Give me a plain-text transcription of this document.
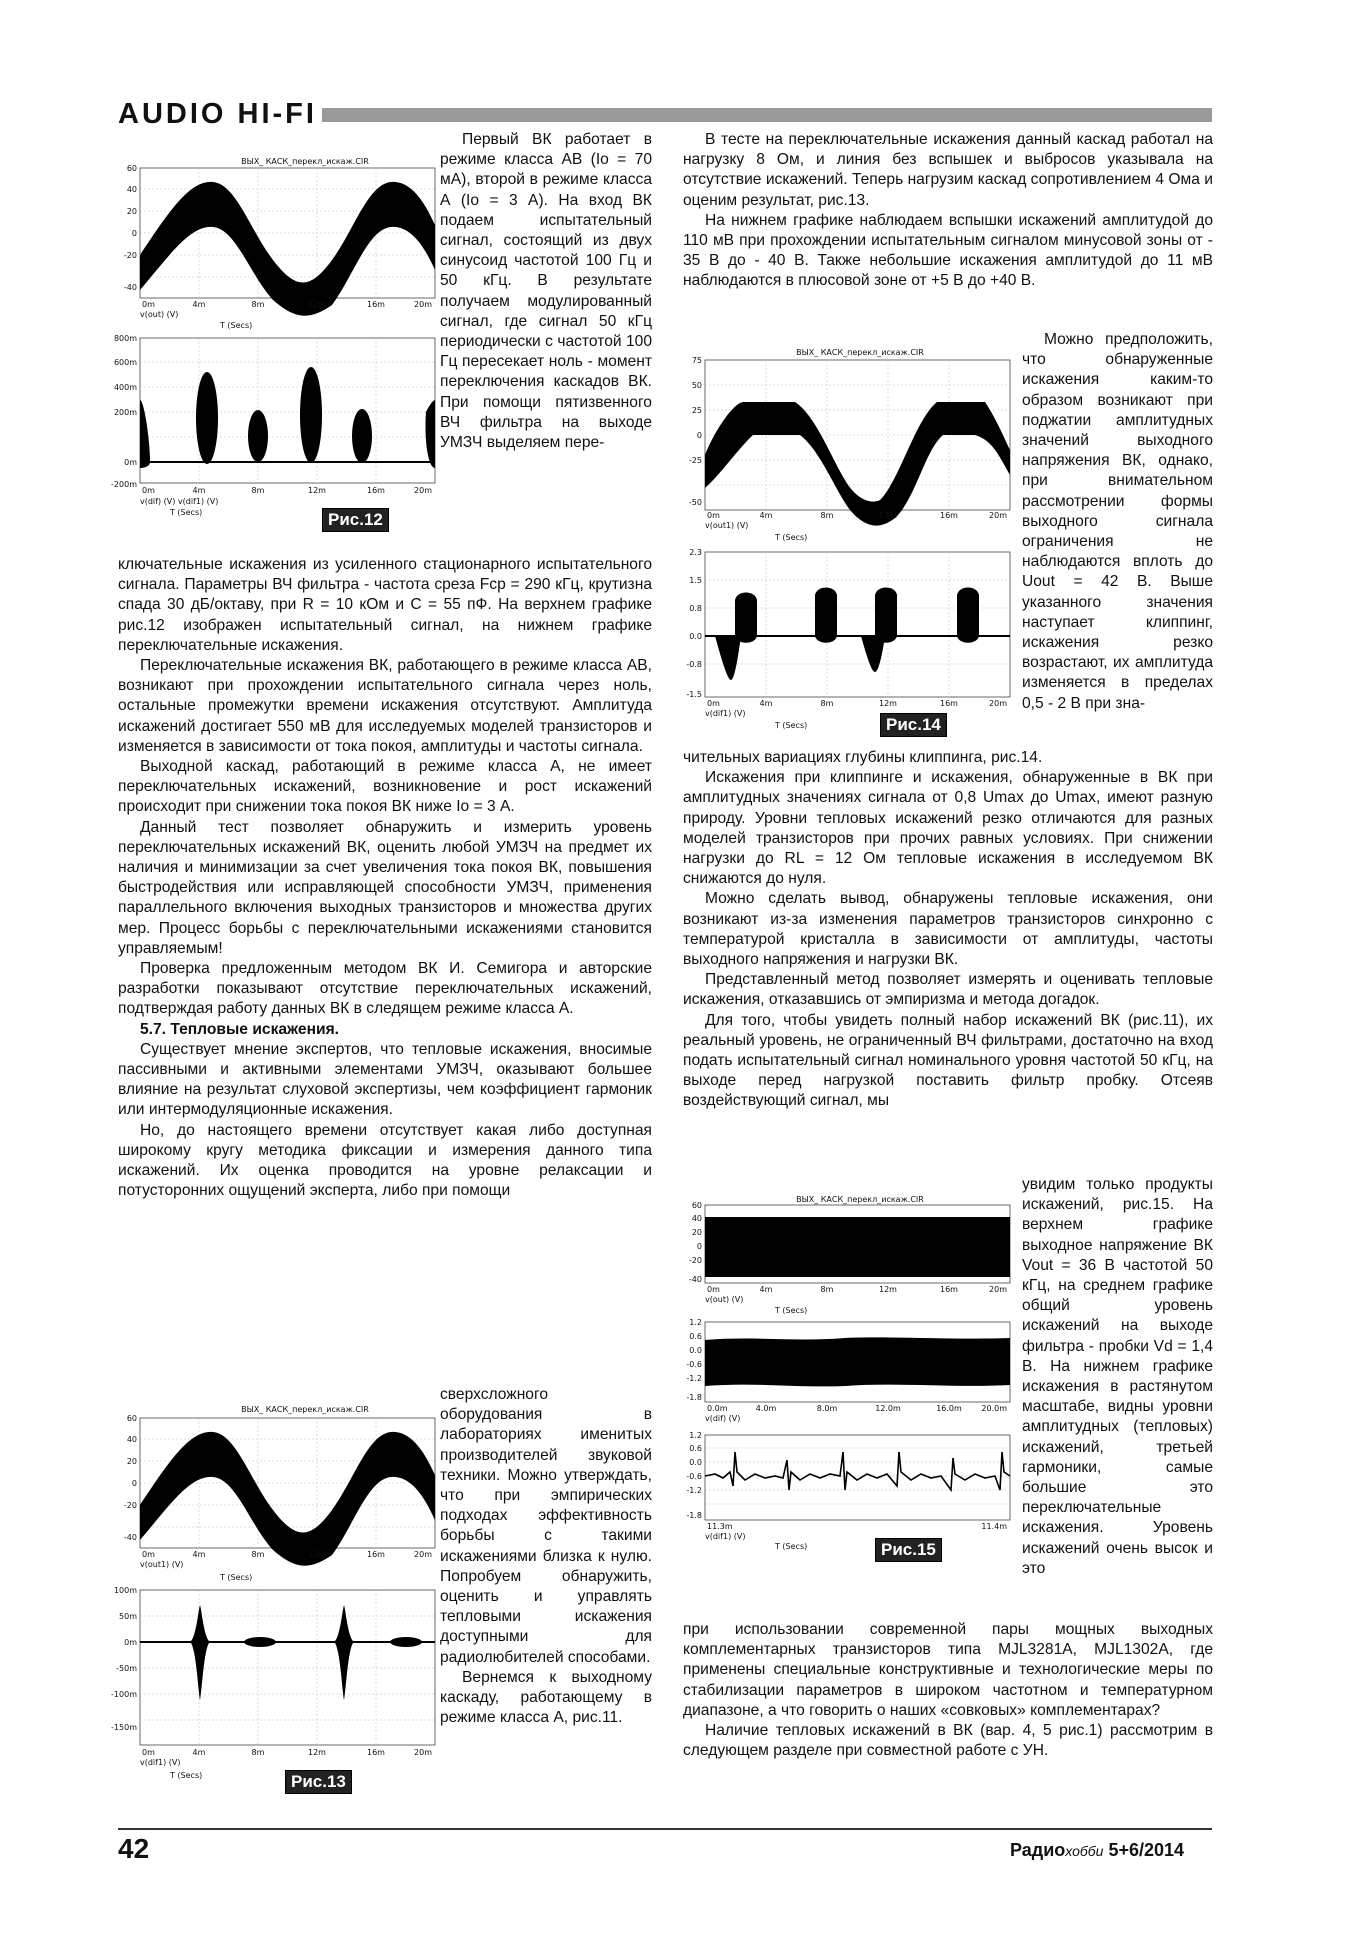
AUDIO HI-FI
ВЫХ_ КАСК_перекл_искаж.CIR
60
40
20
0
-20
-40
0m	4m	8m	12m	16m	20m
v(out) (V)
T (Secs)
800m
600m
400m
200m
0m
-200m
0m	4m	8m	12m	16m	20m
v(dif) (V) v(dif1) (V)
T (Secs)	Рис.12

Первый ВК работает в режиме класса АВ (Io = 70 мА), второй в режиме класса А (Io = 3 А). На вход ВК подаем испытательный сигнал, состоящий из двух синусоид частотой 100 Гц и 50 кГц. В результате получаем модулированный сигнал, где сигнал 50 кГц периодически с частотой 100 Гц пересекает ноль - момент переключения каскадов ВК. При помощи пятизвенного ВЧ фильтра на выходе УМЗЧ выделяем пере-

ключательные искажения из усиленного стационарного испытательного сигнала. Параметры ВЧ фильтра - частота среза Fср = 290 кГц, крутизна спада 30 дБ/октаву, при R = 10 кОм и С = 55 пФ. На верхнем графике рис.12 изображен испытательный сигнал, на нижнем графике переключательные искажения.

Переключательные искажения ВК, работающего в режиме класса АВ, возникают при прохождении испытательного сигнала через ноль, остальные промежутки времени искажения отсутствуют. Амплитуда искажений достигает 550 мВ для исследуемых моделей транзисторов и изменяется в зависимости от тока покоя, амплитуды и частоты сигнала.

Выходной каскад, работающий в режиме класса А, не имеет переключательных искажений, возникновение и рост искажений происходит при снижении тока покоя ВК ниже Io = 3 А.

Данный тест позволяет обнаружить и измерить уровень переключательных искажений ВК, оценить любой УМЗЧ на предмет их наличия и минимизации за счет увеличения тока покоя ВК, повышения быстродействия или исправляющей способности УМЗЧ, применения параллельного включения выходных транзисторов и множества других мер. Процесс борьбы с переключательными искажениями становится управляемым!

Проверка предложенным методом ВК И. Семигора и авторские разработки показывают отсутствие переключательных искажений, подтверждая работу данных ВК в следящем режиме класса А.

5.7. Тепловые искажения.

Существует мнение экспертов, что тепловые искажения, вносимые пассивными и активными элементами УМЗЧ, оказывают большее влияние на результат слуховой экспертизы, чем коэффициент гармоник или интермодуляционные искажения.

Но, до настоящего времени отсутствует какая либо доступная широкому кругу методика фиксации и измерения данного типа искажений. Их оценка проводится на уровне релаксации и потусторонних ощущений эксперта, либо при помощи

ВЫХ_ КАСК_перекл_искаж.CIR
60
40
20
0
-20
-40
0m	4m	8m	12m	16m	20m
v(out1) (V)
T (Secs)
100m
50m
0m
-50m
-100m
-150m
0m	4m	8m	12m	16m	20m
v(dif1) (V)
T (Secs)	Рис.13

сверхсложного оборудования в лабораториях именитых производителей звуковой техники. Можно утверждать, что при эмпирических подходах эффективность борьбы с такими искажениями близка к нулю. Попробуем обнаружить, оценить и управлять тепловыми искажения доступными для радиолюбителей способами.

Вернемся к выходному каскаду, работающему в режиме класса А, рис.11.

В тесте на переключательные искажения данный каскад работал на нагрузку 8 Ом, и линия без вспышек и выбросов указывала на отсутствие искажений. Теперь нагрузим каскад сопротивлением 4 Ома и оценим результат, рис.13.

На нижнем графике наблюдаем вспышки искажений амплитудой до 110 мВ при прохождении испытательным сигналом минусовой зоны от - 35 В до - 40 В. Также небольшие искажения амплитудой до 11 мВ наблюдаются в плюсовой зоне от +5 В до +40 В.

ВЫХ_ КАСК_перекл_искаж.CIR
75
50
25
0
-25
-50
0m	4m	8m	12m	16m	20m
v(out1) (V)
T (Secs)
2.3
1.5
0.8
0.0
-0.8
-1.5
0m	4m	8m	12m	16m	20m
v(dif1) (V)
T (Secs)	Рис.14

Можно предположить, что обнаруженные искажения каким-то образом возникают при поджатии амплитудных значений выходного напряжения ВК, однако, при внимательном рассмотрении формы выходного сигнала ограничения не наблюдаются вплоть до Uout = 42 В. Выше указанного значения наступает клиппинг, искажения резко возрастают, их амплитуда изменяется в пределах 0,5 - 2 В при зна-

чительных вариациях глубины клиппинга, рис.14.

Искажения при клиппинге и искажения, обнаруженные в ВК при амплитудных значениях сигнала от 0,8 Umax до Umax, имеют разную природу. Уровни тепловых искажений резко отличаются для разных моделей транзисторов при прочих равных условиях. При снижении нагрузки до RL = 12 Ом тепловые искажения в исследуемом ВК снижаются до нуля.

Можно сделать вывод, обнаружены тепловые искажения, они возникают из-за изменения параметров транзисторов синхронно с температурой кристалла в зависимости от амплитуды, частоты выходного напряжения и нагрузки ВК.

Представленный метод позволяет измерять и оценивать тепловые искажения, отказавшись от эмпиризма и метода догадок.

Для того, чтобы увидеть полный набор искажений ВК (рис.11), их реальный уровень, не ограниченный ВЧ фильтрами, достаточно на вход подать испытательный сигнал номинального уровня частотой 50 кГц, на выходе перед нагрузкой поставить фильтр пробку. Отсеяв воздействующий сигнал, мы

ВЫХ_ КАСК_перекл_искаж.CIR
60
40
20
0
-20
-40
0m	4m	8m	12m	16m	20m
v(out) (V)
T (Secs)
1.2
0.6
0.0
-0.6
-1.2
-1.8
0.0m	4.0m	8.0m	12.0m	16.0m 20.0m
v(dif) (V)
1.2
0.6
0.0
-0.6
-1.2
-1.8
11.3m	11.4m
v(dif1) (V)
T (Secs)	Рис.15

увидим только продукты искажений, рис.15. На верхнем графике выходное напряжение ВК Vout = 36 В частотой 50 кГц, на среднем графике общий уровень искажений на выходе фильтра - пробки Vd = 1,4 В. На нижнем графике искажения в растянутом масштабе, видны уровни амплитудных (тепловых) искажений, третьей гармоники, самые большие это переключательные искажения. Уровень искажений очень высок и это

при использовании современной пары мощных выходных комплементарных транзисторов типа MJL3281A, MJL1302A, где применены специальные конструктивные и технологические меры по стабилизации параметров в широком частотном и температурном диапазоне, а что говорить о наших «совковых» комплементарах?

Наличие тепловых искажений в ВК (вар. 4, 5 рис.1) рассмотрим в следующем разделе при совместной работе с УН.

42	Радиохобби 5+6/2014
